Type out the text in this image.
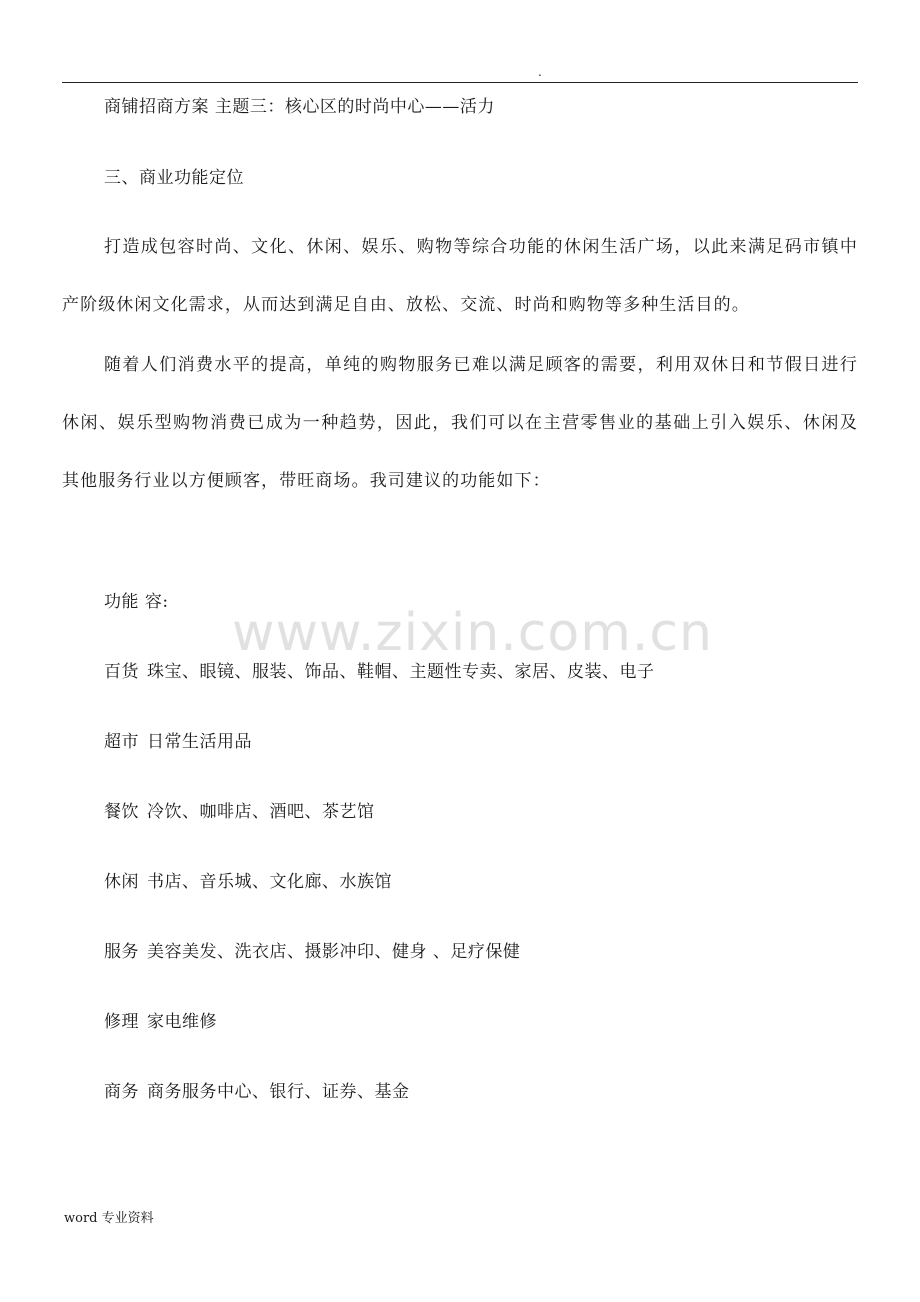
.
商铺招商方案 主题三：核心区的时尚中心——活力
三、商业功能定位
打造成包容时尚、文化、休闲、娱乐、购物等综合功能的休闲生活广场，以此来满足码市镇中产阶级休闲文化需求，从而达到满足自由、放松、交流、时尚和购物等多种生活目的。
随着人们消费水平的提高，单纯的购物服务已难以满足顾客的需要，利用双休日和节假日进行休闲、娱乐型购物消费已成为一种趋势，因此，我们可以在主营零售业的基础上引入娱乐、休闲及其他服务行业以方便顾客，带旺商场。我司建议的功能如下：
功能 容:
www.zixin.com.cn
百货 珠宝、眼镜、服装、饰品、鞋帽、主题性专卖、家居、皮装、电子
超市 日常生活用品
餐饮 冷饮、咖啡店、酒吧、茶艺馆
休闲 书店、音乐城、文化廊、水族馆
服务 美容美发、洗衣店、摄影冲印、健身 、足疗保健
修理 家电维修
商务 商务服务中心、银行、证券、基金
word 专业资料
